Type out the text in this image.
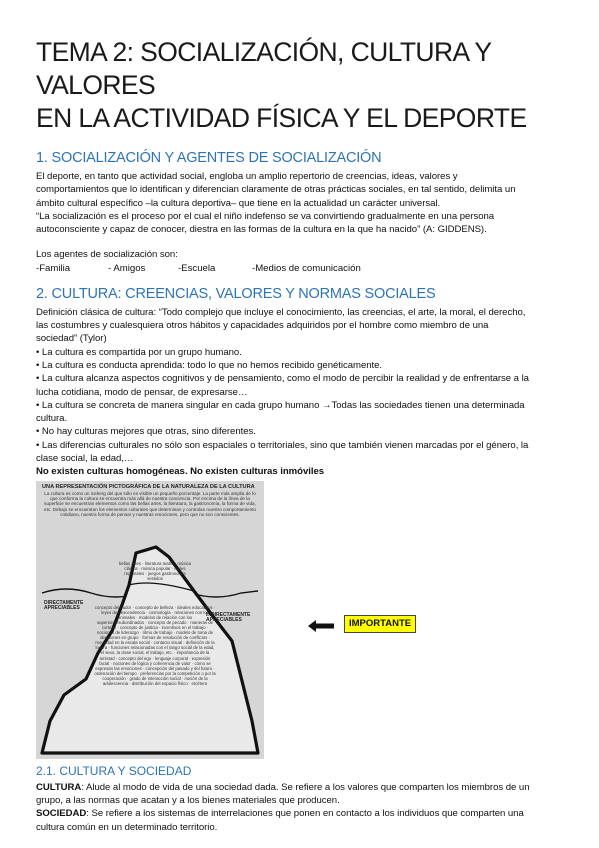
TEMA 2: SOCIALIZACIÓN, CULTURA Y VALORES
EN LA ACTIVIDAD FÍSICA Y EL DEPORTE
1. SOCIALIZACIÓN Y AGENTES DE SOCIALIZACIÓN

El deporte, en tanto que actividad social, engloba un amplio repertorio de creencias, ideas, valores y

comportamientos que lo identifican y diferencian claramente de otras prácticas sociales, en tal sentido, delimita un

ámbito cultural específico –la cultura deportiva– que tiene en la actualidad un carácter universal.

“La socialización es el proceso por el cual el niño indefenso se va convirtiendo gradualmente en una persona

autoconsciente y capaz de conocer, diestra en las formas de la cultura en la que ha nacido” (A: GIDDENS).

Los agentes de socialización son:

-Familia	- Amigos	-Escuela	-Medios de comunicación
2. CULTURA: CREENCIAS, VALORES Y NORMAS SOCIALES

Definición clásica de cultura: “Todo complejo que incluye el conocimiento, las creencias, el arte, la moral, el derecho,

las costumbres y cualesquiera otros hábitos y capacidades adquiridos por el hombre como miembro de una

sociedad” (Tylor)

• La cultura es compartida por un grupo humano.

• La cultura es conducta aprendida: todo lo que no hemos recibido genéticamente.

• La cultura alcanza aspectos cognitivos y de pensamiento, como el modo de percibir la realidad y de enfrentarse a la

lucha cotidiana, modo de pensar, de expresarse…

• La cultura se concreta de manera singular en cada grupo humano →Todas las sociedades tienen una determinada

cultura.

• No hay culturas mejores que otras, sino diferentes.

• Las diferencias culturales no sólo son espaciales o territoriales, sino que también vienen marcadas por el género, la

clase social, la edad,…

No existen culturas homogéneas. No existen culturas inmóviles

UNA REPRESENTACIÓN PICTOGRÁFICA DE LA NATURALEZA DE LA CULTURA
La cultura es como un iceberg del que sólo es visible un pequeño porcentaje. La parte más amplia de lo que conforma la cultura se encuentra más allá de nuestra conciencia. Por encima de la línea de la superficie se encuentran elementos como las bellas artes, la literatura, la gastronomía, la forma de vida, etc. Debajo se encuentran los elementos culturales que determinan y controlan nuestro comportamiento cotidiano, nuestra forma de pensar y nuestras emociones, pero que no son conscientes.
bellas artes · literatura teatro · música clásica · música popular · bailes regionales · juegos gastronomía vestidos
DIRECTAMENTE APRECIABLES
INDIRECTAMENTE APRECIABLES
concepto del pudor · concepto de belleza · ideales educativos · leyes de descendencia · cosmología · relaciones con los animales · modelos de relación con los superiores/subordinados · concepto de pecado · maneras de cortejar · concepto de justicia · incentivos en el trabajo · nociones de liderazgo · ritmo de trabajo · modelo de toma de decisiones en grupo · formas de resolución de conflictos · movilidad en la escala social · contacto visual · definición de la locura · funciones relacionadas con el rango social de la edad, el sexo, la clase social, el trabajo, etc. · importancia de la amistad · concepto del ego · lenguaje corporal · expresión facial · nociones de lógica y coherencia de valor · cómo se expresan las emociones · concepción del pasado y del futuro · ordenación del tiempo · preferencias por la competición o por la cooperación · grado de interacción social · noción de la adolescencia · distribución del espacio físico · etcétera
IMPORTANTE
2.1. CULTURA Y SOCIEDAD

CULTURA: Alude al modo de vida de una sociedad dada. Se refiere a los valores que comparten los miembros de un

grupo, a las normas que acatan y a los bienes materiales que producen.

SOCIEDAD: Se refiere a los sistemas de interrelaciones que ponen en contacto a los individuos que comparten una

cultura común en un determinado territorio.
